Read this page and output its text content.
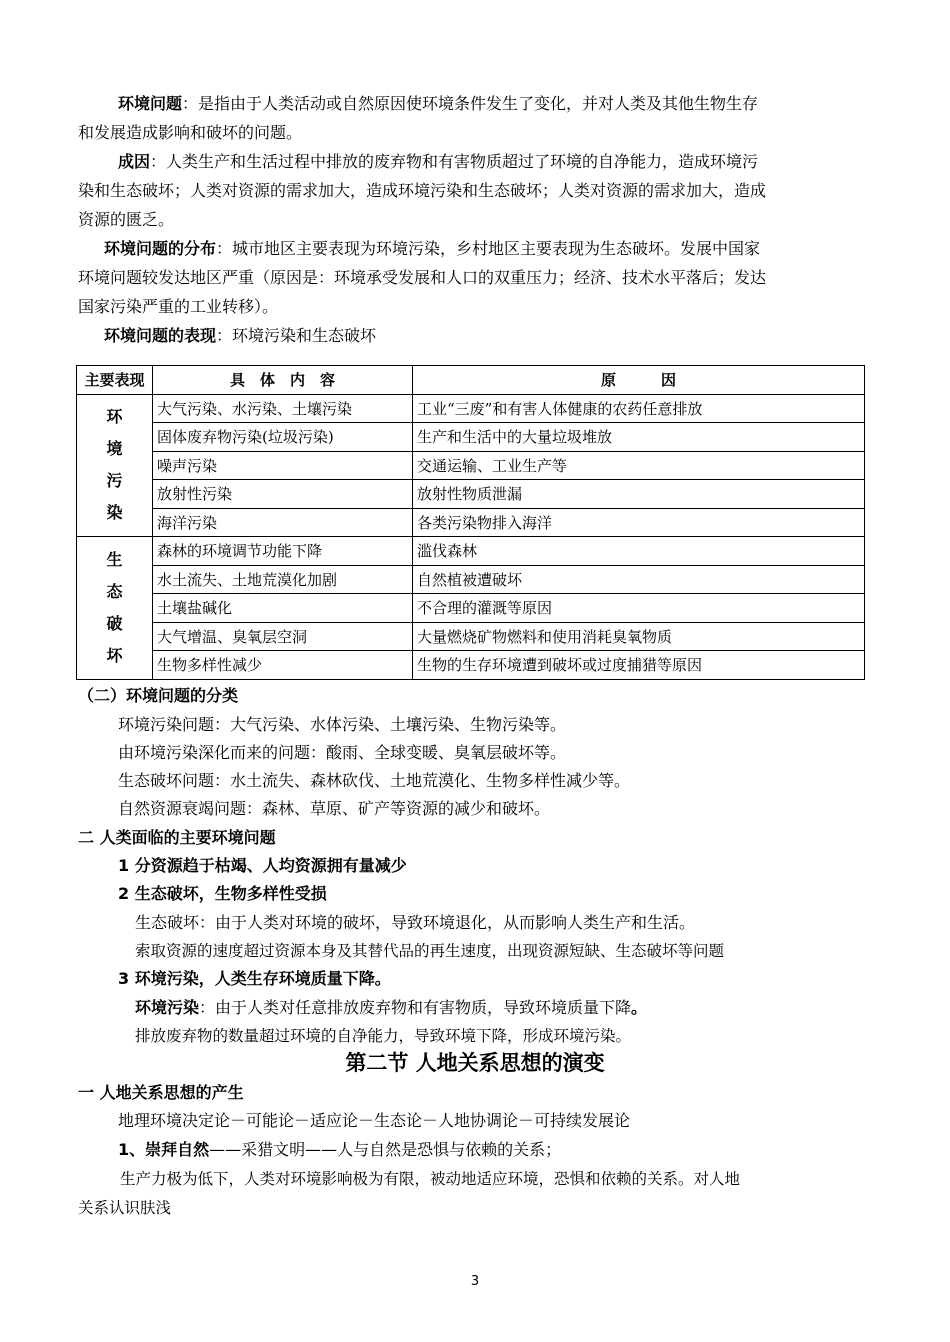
环境问题：是指由于人类活动或自然原因使环境条件发生了变化，并对人类及其他生物生存
和发展造成影响和破坏的问题。
成因：人类生产和生活过程中排放的废弃物和有害物质超过了环境的自净能力，造成环境污
染和生态破坏；人类对资源的需求加大，造成环境污染和生态破坏；人类对资源的需求加大，造成
资源的匮乏。
环境问题的分布：城市地区主要表现为环境污染，乡村地区主要表现为生态破坏。发展中国家
环境问题较发达地区严重（原因是：环境承受发展和人口的双重压力；经济、技术水平落后；发达
国家污染严重的工业转移）。
环境问题的表现：环境污染和生态破坏
主要表现	具　体　内　容	原　　　因

环境污染	大气污染、水污染、土壤污染	工业“三废”和有害人体健康的农药任意排放
	固体废弃物污染(垃圾污染)	生产和生活中的大量垃圾堆放
	噪声污染	交通运输、工业生产等
	放射性污染	放射性物质泄漏
	海洋污染	各类污染物排入海洋

生态破坏	森林的环境调节功能下降	滥伐森林
	水土流失、土地荒漠化加剧	自然植被遭破坏
	土壤盐碱化	不合理的灌溉等原因
	大气增温、臭氧层空洞	大量燃烧矿物燃料和使用消耗臭氧物质
	生物多样性减少	生物的生存环境遭到破坏或过度捕猎等原因
（二）环境问题的分类
环境污染问题：大气污染、水体污染、土壤污染、生物污染等。
由环境污染深化而来的问题：酸雨、全球变暖、臭氧层破坏等。
生态破坏问题：水土流失、森林砍伐、土地荒漠化、生物多样性减少等。
自然资源衰竭问题：森林、草原、矿产等资源的减少和破坏。
二 人类面临的主要环境问题
1 分资源趋于枯竭、人均资源拥有量减少
2 生态破坏，生物多样性受损
生态破坏：由于人类对环境的破坏，导致环境退化，从而影响人类生产和生活。
索取资源的速度超过资源本身及其替代品的再生速度，出现资源短缺、生态破坏等问题
3 环境污染，人类生存环境质量下降。
环境污染：由于人类对任意排放废弃物和有害物质，导致环境质量下降。
排放废弃物的数量超过环境的自净能力，导致环境下降，形成环境污染。
第二节 人地关系思想的演变
一 人地关系思想的产生
地理环境决定论－可能论－适应论－生态论－人地协调论－可持续发展论
1、崇拜自然——采猎文明——人与自然是恐惧与依赖的关系；
生产力极为低下，人类对环境影响极为有限，被动地适应环境，恐惧和依赖的关系。对人地
关系认识肤浅
3
